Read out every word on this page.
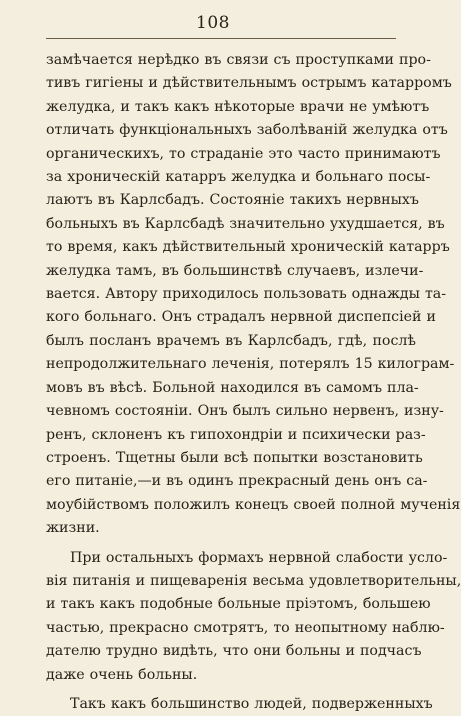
108
замѣчается нерѣдко въ связи съ проступками про-
тивъ гигіены и дѣйствительнымъ острымъ катарромъ
желудка, и такъ какъ нѣкоторые врачи не умѣютъ
отличать функціональныхъ заболѣваній желудка отъ
органическихъ, то страданіе это часто принимаютъ
за хроническій катарръ желудка и больнаго посы-
лаютъ въ Карлсбадъ. Состояніе такихъ нервныхъ
больныхъ въ Карлсбадѣ значительно ухудшается, въ
то время, какъ дѣйствительный хроническій катарръ
желудка тамъ, въ большинствѣ случаевъ, излечи-
вается. Автору приходилось пользовать однажды та-
кого больнаго. Онъ страдалъ нервной диспепсіей и
былъ посланъ врачемъ въ Карлсбадъ, гдѣ, послѣ
непродолжительнаго леченія, потерялъ 15 килограм-
мовъ въ вѣсѣ. Больной находился въ самомъ пла-
чевномъ состояніи. Онъ былъ сильно нервенъ, изну-
ренъ, склоненъ къ гипохондріи и психически раз-
строенъ. Тщетны были всѣ попытки возстановить
его питаніе,—и въ одинъ прекрасный день онъ са-
моубійствомъ положилъ конецъ своей полной мученія
жизни.
При остальныхъ формахъ нервной слабости усло-
вія питанія и пищеваренія весьма удовлетворительны,
и такъ какъ подобные больные пріэтомъ, большею
частью, прекрасно смотрятъ, то неопытному наблю-
дателю трудно видѣть, что они больны и подчасъ
даже очень больны.
Такъ какъ большинство людей, подверженныхъ
